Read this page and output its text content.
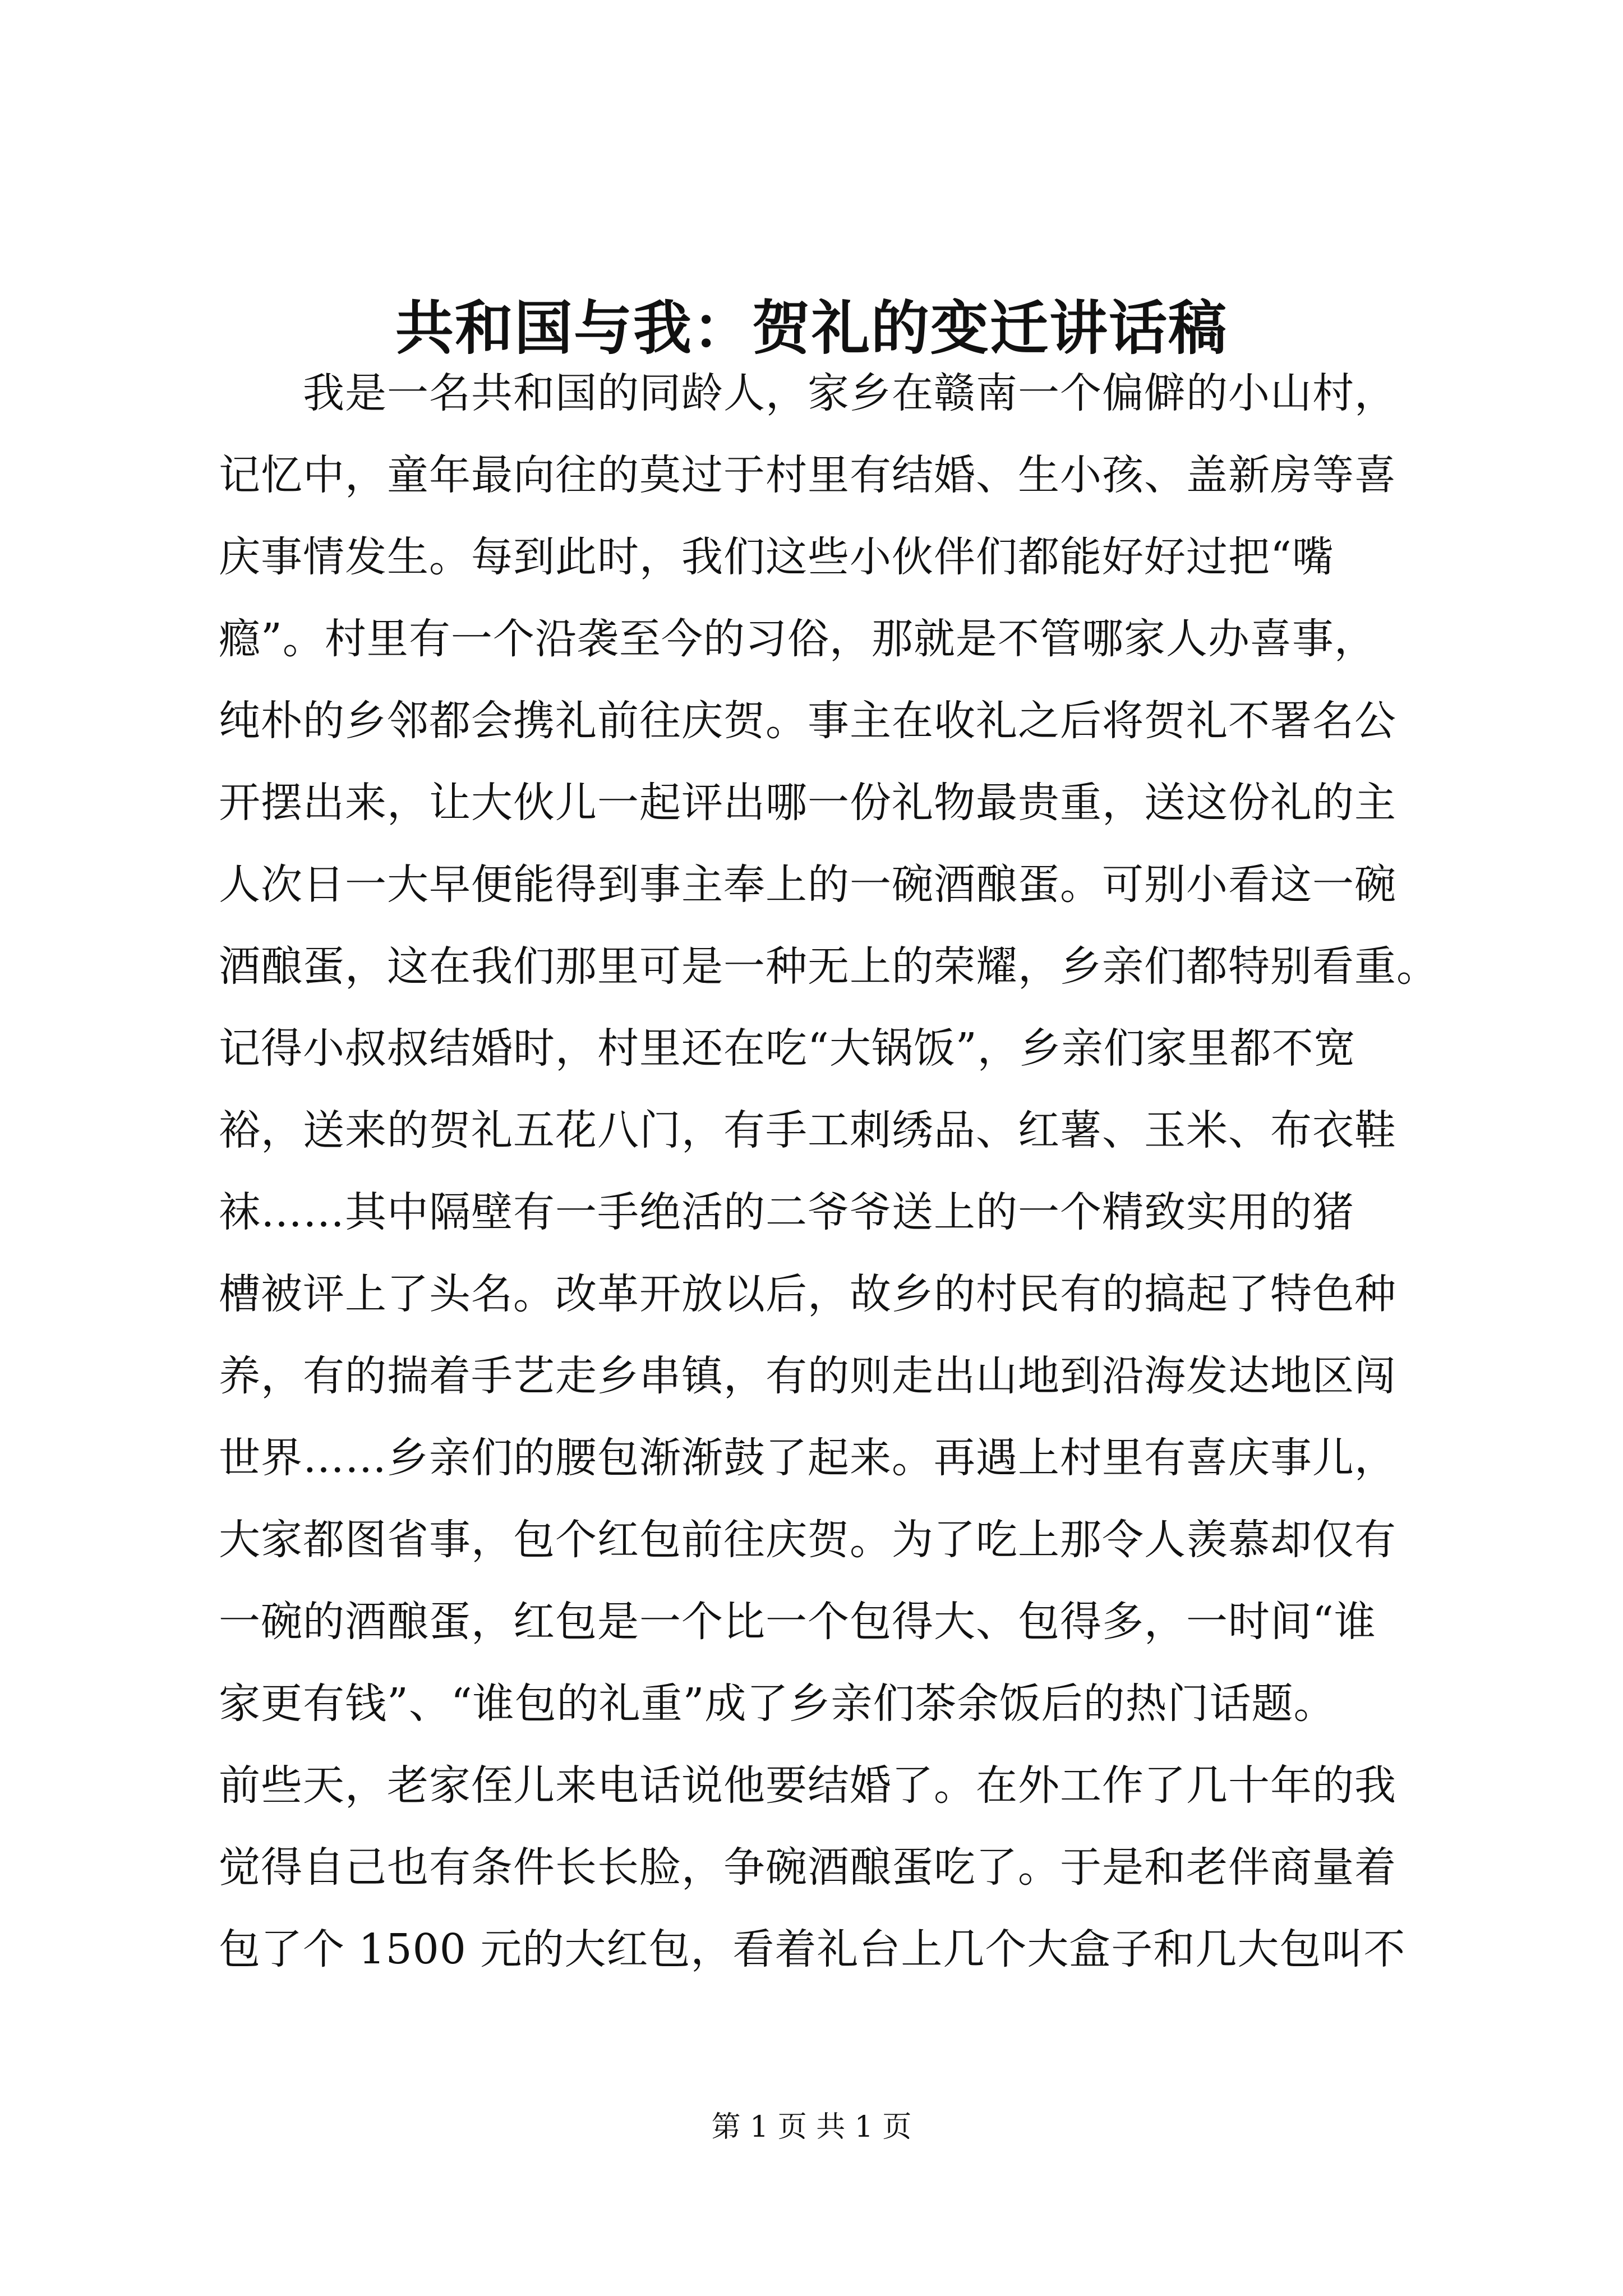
共和国与我：贺礼的变迁讲话稿
　　我是一名共和国的同龄人，家乡在赣南一个偏僻的小山村，
记忆中，童年最向往的莫过于村里有结婚、生小孩、盖新房等喜
庆事情发生。每到此时，我们这些小伙伴们都能好好过把“嘴
瘾”。村里有一个沿袭至今的习俗，那就是不管哪家人办喜事，
纯朴的乡邻都会携礼前往庆贺。事主在收礼之后将贺礼不署名公
开摆出来，让大伙儿一起评出哪一份礼物最贵重，送这份礼的主
人次日一大早便能得到事主奉上的一碗酒酿蛋。可别小看这一碗
酒酿蛋，这在我们那里可是一种无上的荣耀，乡亲们都特别看重。
记得小叔叔结婚时，村里还在吃“大锅饭”，乡亲们家里都不宽
裕，送来的贺礼五花八门，有手工刺绣品、红薯、玉米、布衣鞋
袜……其中隔壁有一手绝活的二爷爷送上的一个精致实用的猪
槽被评上了头名。改革开放以后，故乡的村民有的搞起了特色种
养，有的揣着手艺走乡串镇，有的则走出山地到沿海发达地区闯
世界……乡亲们的腰包渐渐鼓了起来。再遇上村里有喜庆事儿，
大家都图省事，包个红包前往庆贺。为了吃上那令人羡慕却仅有
一碗的酒酿蛋，红包是一个比一个包得大、包得多，一时间“谁
家更有钱”、“谁包的礼重”成了乡亲们茶余饭后的热门话题。
前些天，老家侄儿来电话说他要结婚了。在外工作了几十年的我
觉得自己也有条件长长脸，争碗酒酿蛋吃了。于是和老伴商量着
包了个 1500 元的大红包，看着礼台上几个大盒子和几大包叫不
第 1 页 共 1 页
